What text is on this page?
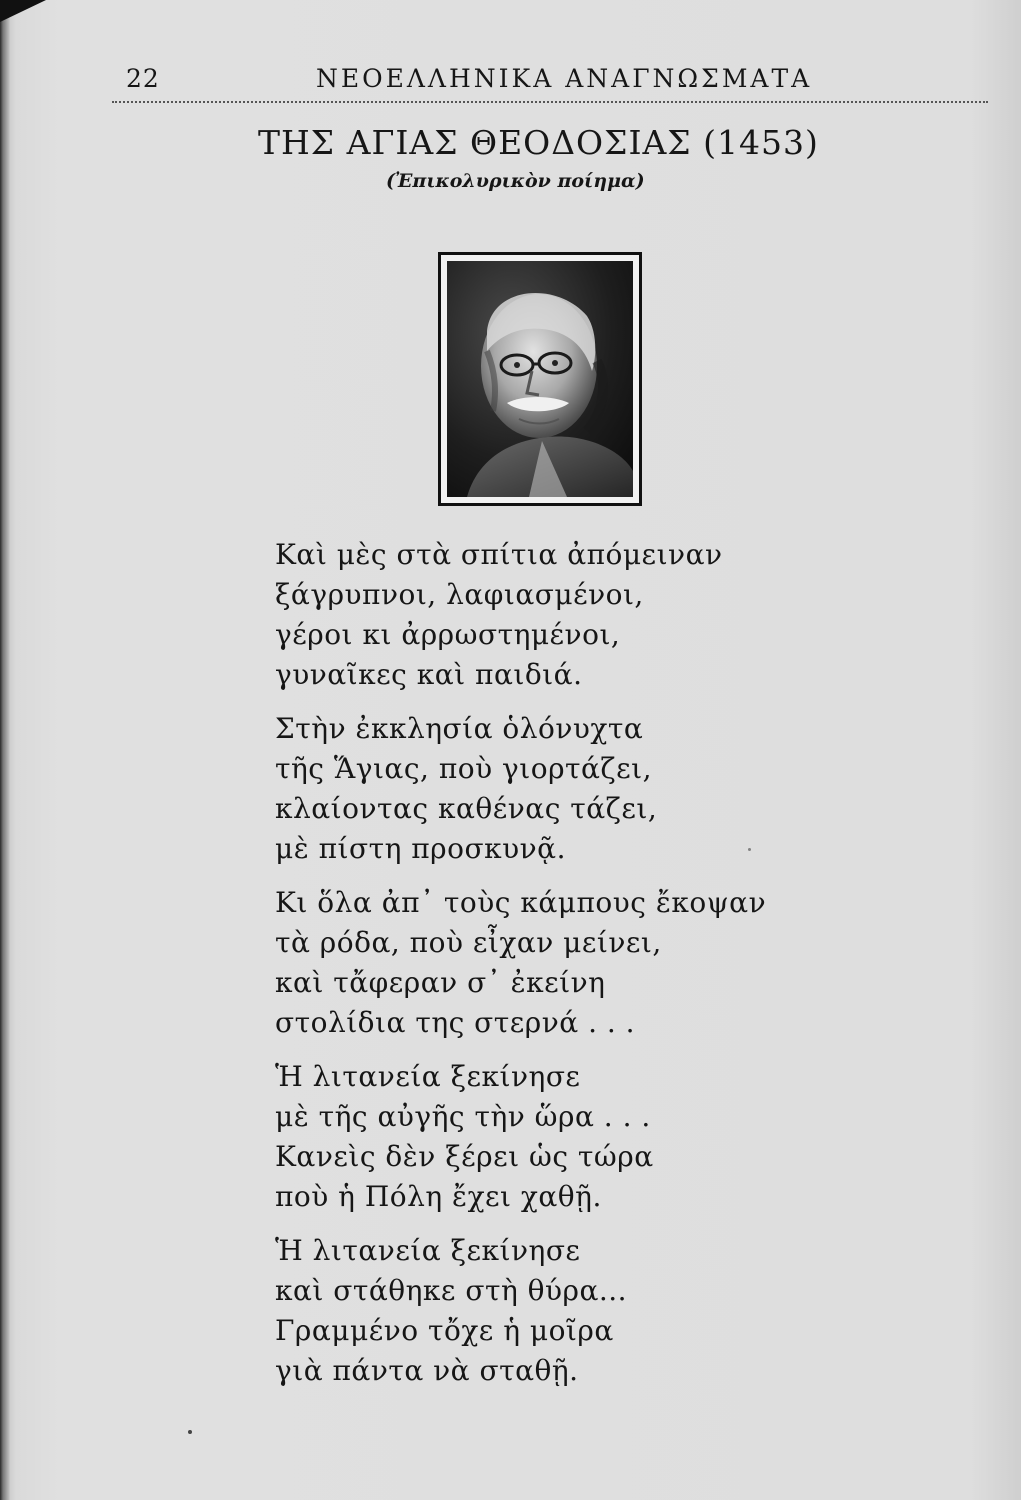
22	ΝΕΟΕΛΛΗΝΙΚΑ ΑΝΑΓΝΩΣΜΑΤΑ
ΤΗΣ ΑΓΙΑΣ ΘΕΟΔΟΣΙΑΣ (1453)
(Ἐπικολυρικὸν ποίημα)
Καὶ μὲς στὰ σπίτια ἀπόμειναν
ξάγρυπνοι, λαφιασμένοι,
γέροι κι ἀρρωστημένοι,
γυναῖκες καὶ παιδιά.
Στὴν ἐκκλησία ὁλόνυχτα
τῆς Ἅγιας, ποὺ γιορτάζει,
κλαίοντας καθένας τάζει,
μὲ πίστη προσκυνᾷ.
Κι ὅλα ἀπ᾽ τοὺς κάμπους ἔκοψαν
τὰ ρόδα, ποὺ εἶχαν μείνει,
καὶ τἄφεραν σ᾽ ἐκείνη
στολίδια της στερνά . . .
Ἡ λιτανεία ξεκίνησε
μὲ τῆς αὐγῆς τὴν ὥρα . . .
Κανεὶς δὲν ξέρει ὡς τώρα
ποὺ ἡ Πόλη ἔχει χαθῇ.
Ἡ λιτανεία ξεκίνησε
καὶ στάθηκε στὴ θύρα...
Γραμμένο τὄχε ἡ μοῖρα
γιὰ πάντα νὰ σταθῇ.
